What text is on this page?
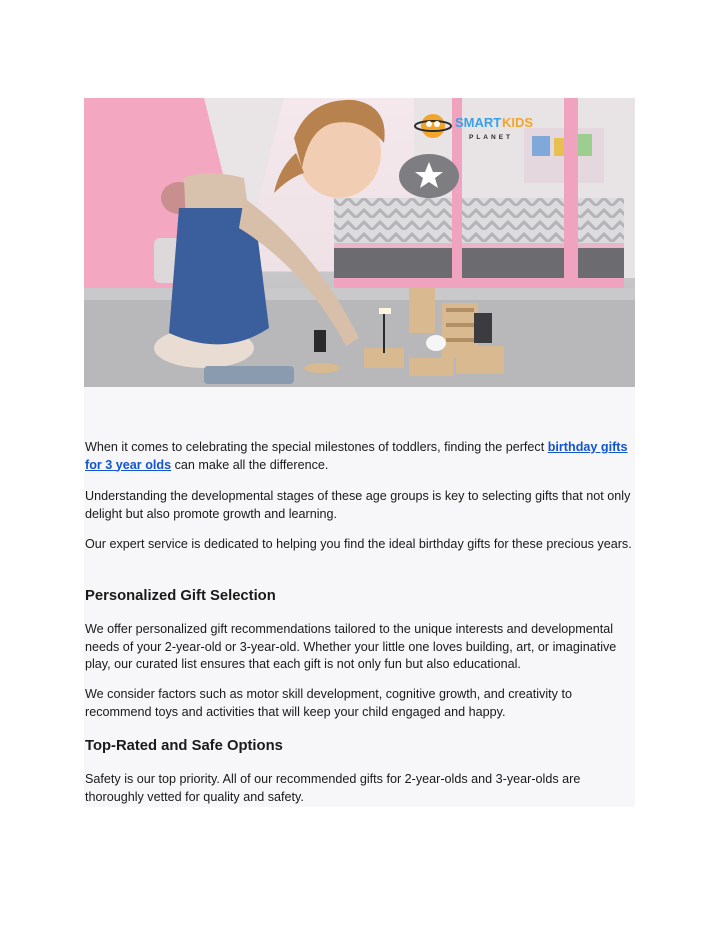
SMART KIDS
PLANET

When it comes to celebrating the special milestones of toddlers, finding the perfect birthday gifts for 3 year olds can make all the difference.

Understanding the developmental stages of these age groups is key to selecting gifts that not only delight but also promote growth and learning.

Our expert service is dedicated to helping you find the ideal birthday gifts for these precious years.

Personalized Gift Selection

We offer personalized gift recommendations tailored to the unique interests and developmental needs of your 2-year-old or 3-year-old. Whether your little one loves building, art, or imaginative play, our curated list ensures that each gift is not only fun but also educational.

We consider factors such as motor skill development, cognitive growth, and creativity to recommend toys and activities that will keep your child engaged and happy.

Top-Rated and Safe Options

Safety is our top priority. All of our recommended gifts for 2-year-olds and 3-year-olds are thoroughly vetted for quality and safety.
